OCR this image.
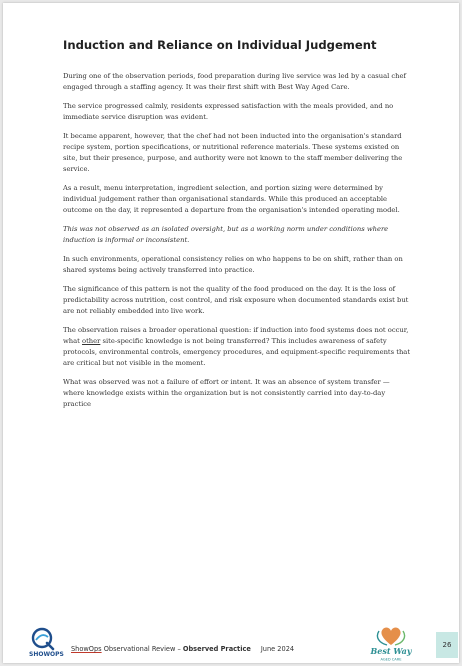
Induction and Reliance on Individual Judgement

During one of the observation periods, food preparation during live service was led by a casual chef engaged through a staffing agency. It was their first shift with Best Way Aged Care.

The service progressed calmly, residents expressed satisfaction with the meals provided, and no immediate service disruption was evident.

It became apparent, however, that the chef had not been inducted into the organisation's standard recipe system, portion specifications, or nutritional reference materials. These systems existed on site, but their presence, purpose, and authority were not known to the staff member delivering the service.

As a result, menu interpretation, ingredient selection, and portion sizing were determined by individual judgement rather than organisational standards. While this produced an acceptable outcome on the day, it represented a departure from the organisation's intended operating model.

This was not observed as an isolated oversight, but as a working norm under conditions where induction is informal or inconsistent.

In such environments, operational consistency relies on who happens to be on shift, rather than on shared systems being actively transferred into practice.

The significance of this pattern is not the quality of the food produced on the day. It is the loss of predictability across nutrition, cost control, and risk exposure when documented standards exist but are not reliably embedded into live work.

The observation raises a broader operational question: if induction into food systems does not occur, what other site-specific knowledge is not being transferred? This includes awareness of safety protocols, environmental controls, emergency procedures, and equipment-specific requirements that are critical but not visible in the moment.

What was observed was not a failure of effort or intent. It was an absence of system transfer — where knowledge exists within the organization but is not consistently carried into day-to-day practice

SHOWOPS
ShowOps Observational Review – Observed Practice June 2024	Best Way
AGED CARE
26
